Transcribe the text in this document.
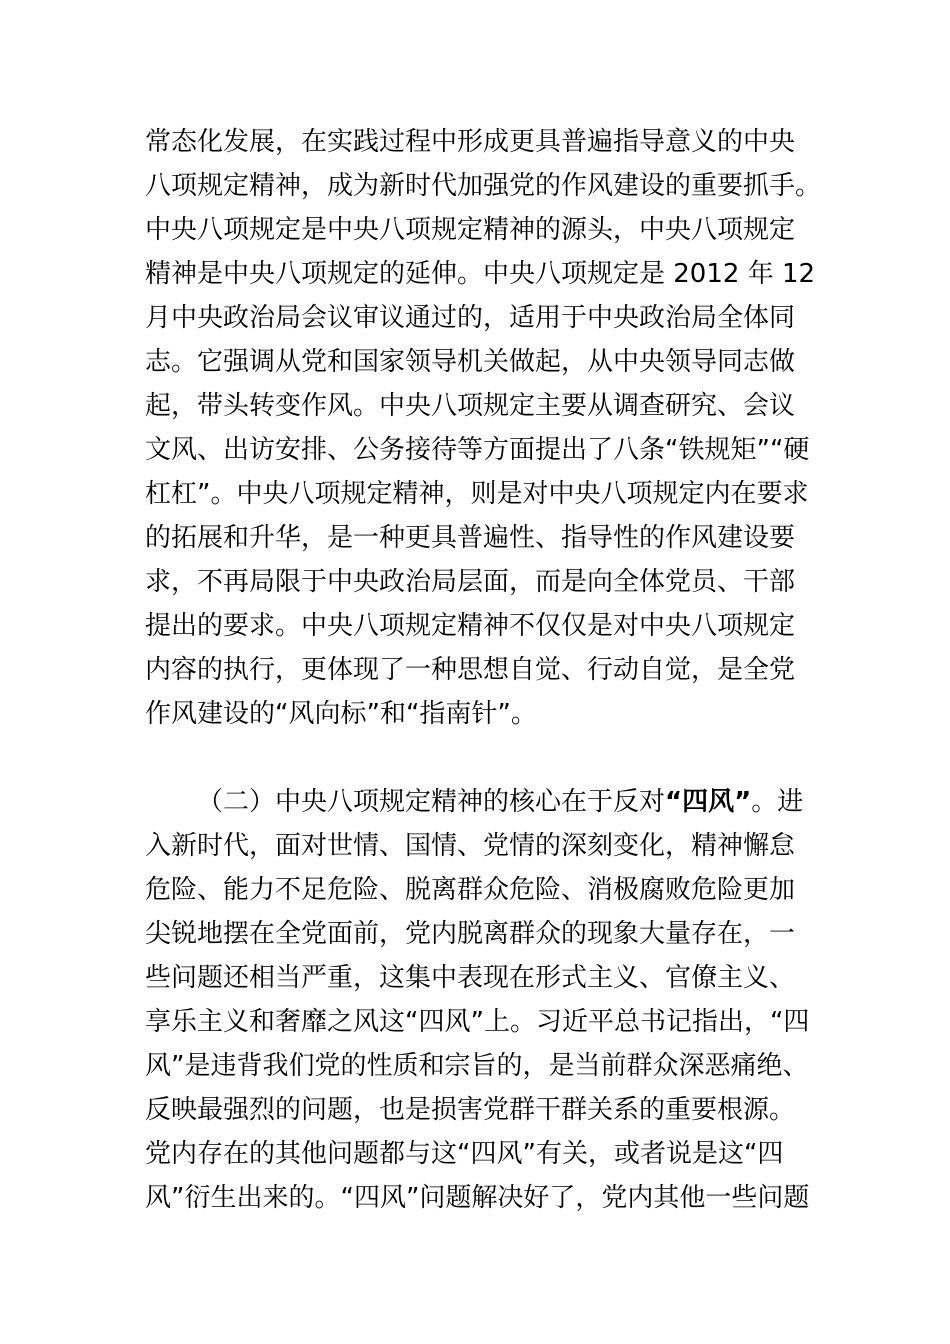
常态化发展，在实践过程中形成更具普遍指导意义的中央
八项规定精神，成为新时代加强党的作风建设的重要抓手。
中央八项规定是中央八项规定精神的源头，中央八项规定
精神是中央八项规定的延伸。中央八项规定是 2012 年 12
月中央政治局会议审议通过的，适用于中央政治局全体同
志。它强调从党和国家领导机关做起，从中央领导同志做
起，带头转变作风。中央八项规定主要从调查研究、会议
文风、出访安排、公务接待等方面提出了八条“铁规矩”“硬
杠杠”。中央八项规定精神，则是对中央八项规定内在要求
的拓展和升华，是一种更具普遍性、指导性的作风建设要
求，不再局限于中央政治局层面，而是向全体党员、干部
提出的要求。中央八项规定精神不仅仅是对中央八项规定
内容的执行，更体现了一种思想自觉、行动自觉，是全党
作风建设的“风向标”和“指南针”。
（二）中央八项规定精神的核心在于反对“四风”。进
入新时代，面对世情、国情、党情的深刻变化，精神懈怠
危险、能力不足危险、脱离群众危险、消极腐败危险更加
尖锐地摆在全党面前，党内脱离群众的现象大量存在，一
些问题还相当严重，这集中表现在形式主义、官僚主义、
享乐主义和奢靡之风这“四风”上。习近平总书记指出，“四
风”是违背我们党的性质和宗旨的，是当前群众深恶痛绝、
反映最强烈的问题，也是损害党群干群关系的重要根源。
党内存在的其他问题都与这“四风”有关，或者说是这“四
风”衍生出来的。“四风”问题解决好了，党内其他一些问题
